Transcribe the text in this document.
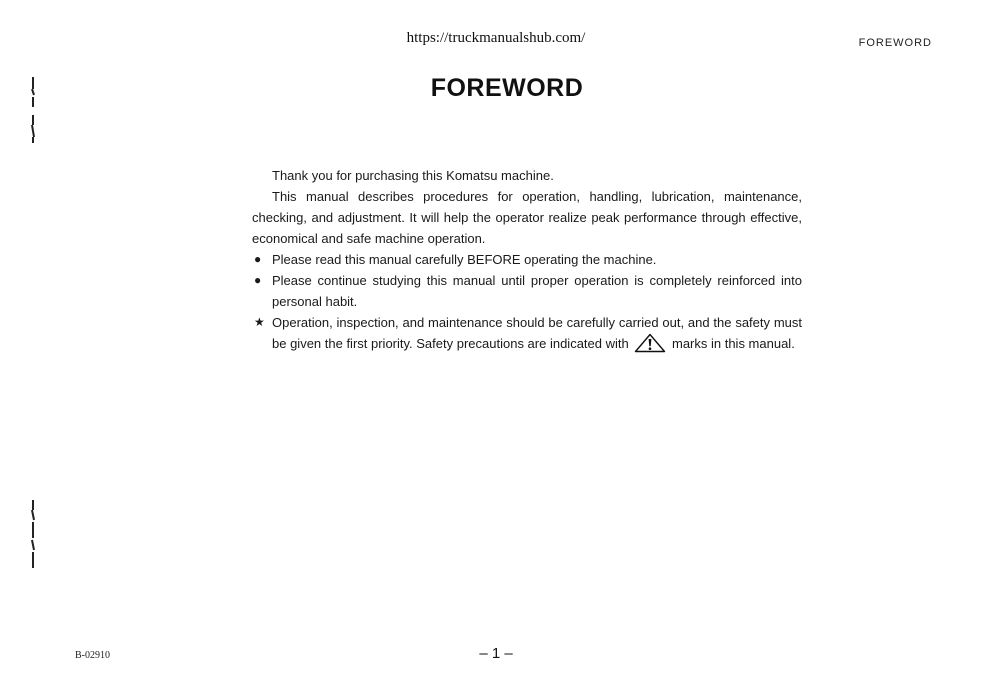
https://truckmanualshub.com/	FOREWORD
FOREWORD

Thank you for purchasing this Komatsu machine.

This manual describes procedures for operation, handling, lubrication, maintenance, checking, and adjustment. It will help the operator realize peak performance through effective, economical and safe machine operation.

● Please read this manual carefully BEFORE operating the machine.
● Please continue studying this manual until proper operation is completely reinforced into personal habit.
★ Operation, inspection, and maintenance should be carefully carried out, and the safety must be given the first priority. Safety precautions are indicated with	marks in this manual.
B-02910	– 1 –
